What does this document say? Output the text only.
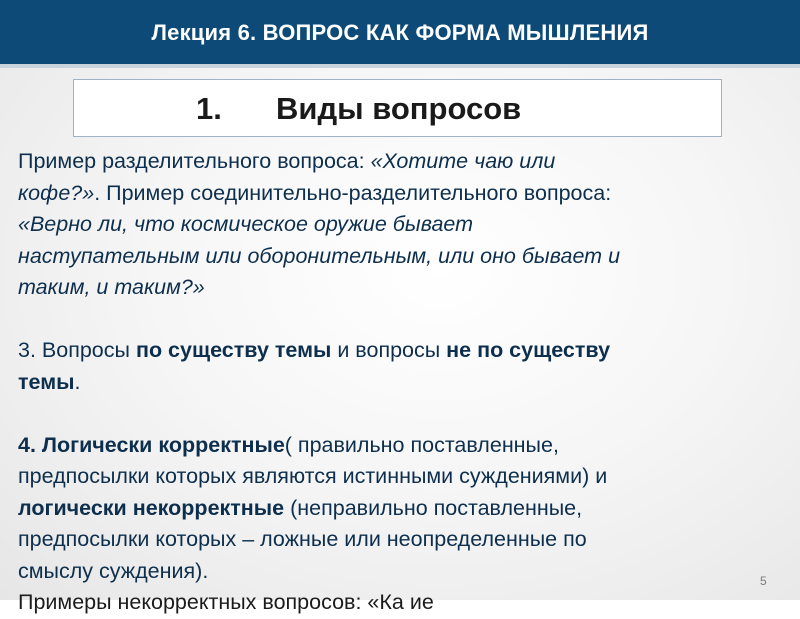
Лекция 6. ВОПРОС КАК ФОРМА МЫШЛЕНИЯ
1. Виды вопросов
Пример разделительного вопроса: «Хотите чаю или
кофе?». Пример соединительно-разделительного вопроса:
«Верно ли, что космическое оружие бывает
наступательным или оборонительным, или оно бывает и
таким, и таким?»
3. Вопросы по существу темы и вопросы не по существу
темы.
4. Логически корректные( правильно поставленные,
предпосылки которых являются истинными суждениями) и
логически некорректные (неправильно поставленные,
предпосылки которых – ложные или неопределенные по
смыслу суждения).
Примеры некорректных вопросов: «Ка ие
5
